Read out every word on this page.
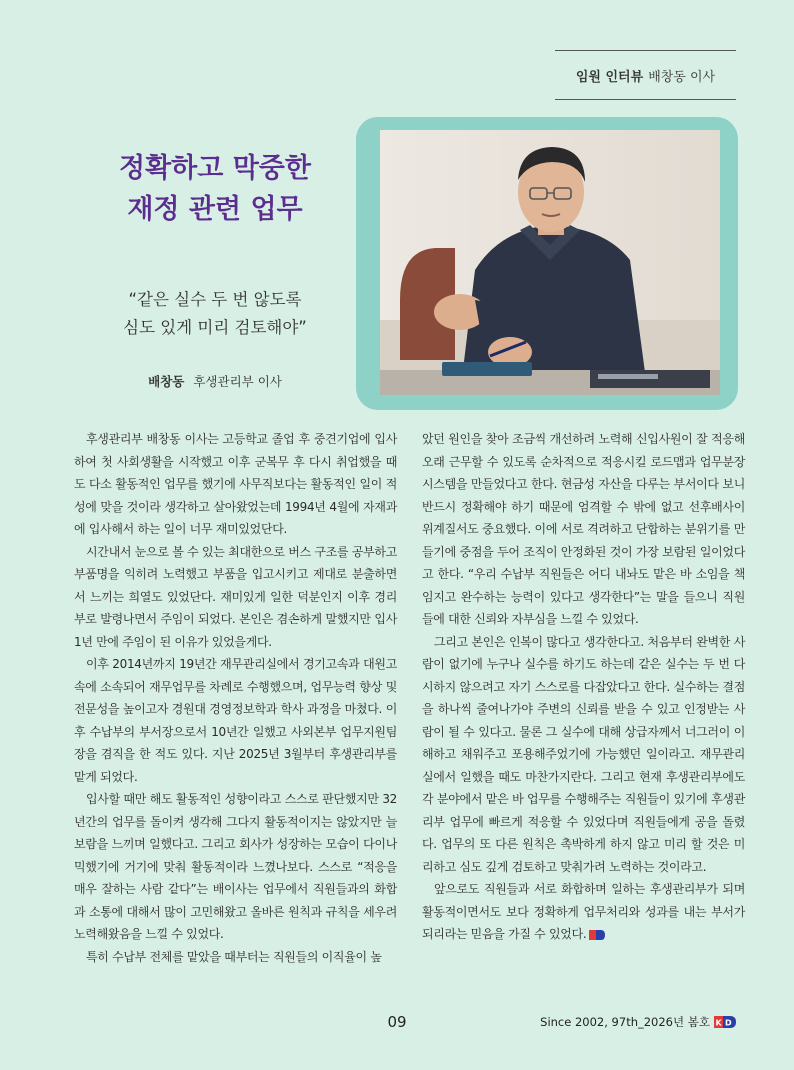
임원 인터뷰 배창동 이사
정확하고 막중한
재정 관련 업무
“같은 실수 두 번 않도록
심도 있게 미리 검토해야”
배창동 후생관리부 이사

후생관리부 배창동 이사는 고등학교 졸업 후 중견기업에 입사하여 첫 사회생활을 시작했고 이후 군복무 후 다시 취업했을 때도 다소 활동적인 업무를 했기에 사무직보다는 활동적인 일이 적성에 맞을 것이라 생각하고 살아왔었는데 1994년 4월에 자재과에 입사해서 하는 일이 너무 재미있었단다.

시간내서 눈으로 볼 수 있는 최대한으로 버스 구조를 공부하고 부품명을 익히려 노력했고 부품을 입고시키고 제대로 분출하면서 느끼는 희열도 있었단다. 재미있게 일한 덕분인지 이후 경리부로 발령나면서 주임이 되었다. 본인은 겸손하게 말했지만 입사 1년 만에 주임이 된 이유가 있었을게다.

이후 2014년까지 19년간 재무관리실에서 경기고속과 대원고속에 소속되어 재무업무를 차례로 수행했으며, 업무능력 향상 및 전문성을 높이고자 경원대 경영정보학과 학사 과정을 마쳤다. 이후 수납부의 부서장으로서 10년간 일했고 사외본부 업무지원팀장을 겸직을 한 적도 있다. 지난 2025년 3월부터 후생관리부를 맡게 되었다.

입사할 때만 해도 활동적인 성향이라고 스스로 판단했지만 32년간의 업무를 돌이켜 생각해 그다지 활동적이지는 않았지만 늘 보람을 느끼며 일했다고. 그리고 회사가 성장하는 모습이 다이나믹했기에 거기에 맞춰 활동적이라 느꼈나보다. 스스로 “적응을 매우 잘하는 사람 같다”는 배이사는 업무에서 직원들과의 화합과 소통에 대해서 많이 고민해왔고 올바른 원칙과 규칙을 세우려 노력해왔음을 느낄 수 있었다.

특히 수납부 전체를 맡았을 때부터는 직원들의 이직율이 높

았던 원인을 찾아 조금씩 개선하려 노력해 신입사원이 잘 적응해 오래 근무할 수 있도록 순차적으로 적응시킬 로드맵과 업무분장 시스템을 만들었다고 한다. 현금성 자산을 다루는 부서이다 보니 반드시 정확해야 하기 때문에 엄격할 수 밖에 없고 선후배사이 위계질서도 중요했다. 이에 서로 격려하고 단합하는 분위기를 만들기에 중점을 두어 조직이 안정화된 것이 가장 보람된 일이었다고 한다. “우리 수납부 직원들은 어디 내놔도 맡은 바 소임을 책임지고 완수하는 능력이 있다고 생각한다”는 말을 들으니 직원들에 대한 신뢰와 자부심을 느낄 수 있었다.

그리고 본인은 인복이 많다고 생각한다고. 처음부터 완벽한 사람이 없기에 누구나 실수를 하기도 하는데 같은 실수는 두 번 다시하지 않으려고 자기 스스로를 다잡았다고 한다. 실수하는 결점을 하나씩 줄여나가야 주변의 신뢰를 받을 수 있고 인정받는 사람이 될 수 있다고. 물론 그 실수에 대해 상급자께서 너그러이 이해하고 채워주고 포용해주었기에 가능했던 일이라고. 재무관리실에서 일했을 때도 마찬가지란다. 그리고 현재 후생관리부에도 각 분야에서 맡은 바 업무를 수행해주는 직원들이 있기에 후생관리부 업무에 빠르게 적응할 수 있었다며 직원들에게 공을 돌렸다. 업무의 또 다른 원칙은 촉박하게 하지 않고 미리 할 것은 미리하고 심도 깊게 검토하고 맞춰가려 노력하는 것이라고.

앞으로도 직원들과 서로 화합하며 일하는 후생관리부가 되며 활동적이면서도 보다 정확하게 업무처리와 성과를 내는 부서가 되리라는 믿음을 가질 수 있었다.

09	Since 2002, 97th_2026년 봄호 D
K
